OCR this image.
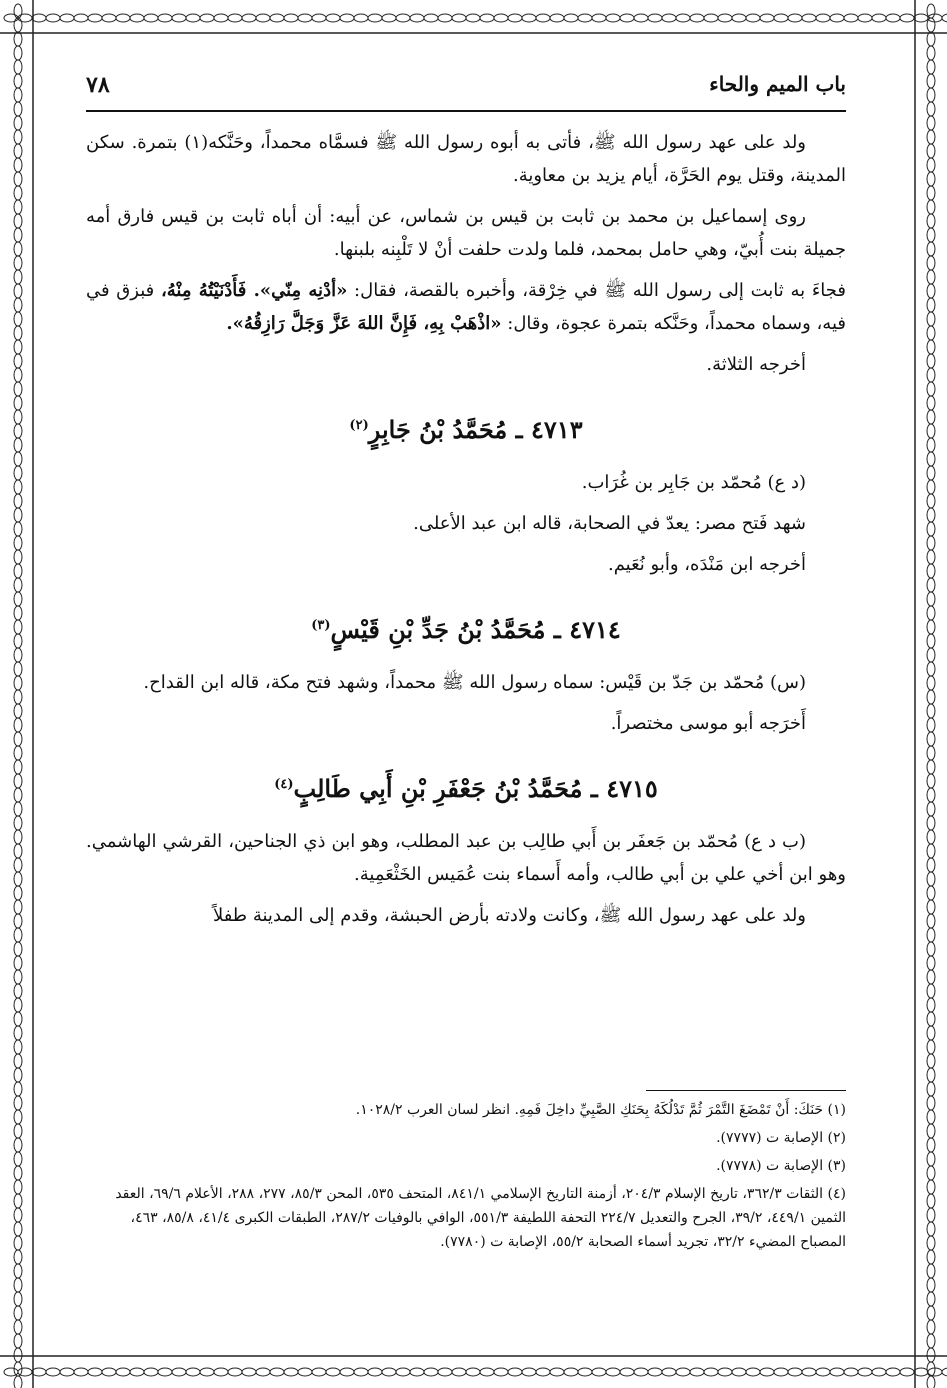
باب الميم والحاء
٧٨

ولد على عهد رسول الله ﷺ، فأتى به أبوه رسول الله ﷺ فسمَّاه محمداً، وحَنَّكه(١) بتمرة. سكن المدينة، وقتل يوم الحَرَّة، أيام يزيد بن معاوية.

روى إسماعيل بن محمد بن ثابت بن قيس بن شماس، عن أبيه: أن أباه ثابت بن قيس فارق أمه جميلة بنت أُبيّ، وهي حامل بمحمد، فلما ولدت حلفت أنْ لا تَلْبِنه بلبنها.

فجاءَ به ثابت إلى رسول الله ﷺ في خِرْقة، وأخبره بالقصة، فقال: «أدْنِه مِنّي». فَأَدْنَيْتُهُ مِنْهُ، فبزق في فيه، وسماه محمداً، وحَنَّكه بتمرة عجوة، وقال: «اذْهَبْ بِهِ، فَإِنَّ اللهَ عَزَّ وَجَلَّ رَازِقُهُ».

أخرجه الثلاثة.

٤٧١٣ ـ مُحَمَّدُ بْنُ جَابِرٍ$^{(٢)}$

(د ع) مُحمّد بن جَابِر بن غُرَاب.

شهد فَتح مصر: يعدّ في الصحابة، قاله ابن عبد الأعلى.

أخرجه ابن مَنْدَه، وأبو نُعَيم.

٤٧١٤ ـ مُحَمَّدُ بْنُ جَدِّ بْنِ قَيْسٍ$^{(٣)}$

(س) مُحمّد بن جَدّ بن قَيْس: سماه رسول الله ﷺ محمداً، وشهد فتح مكة، قاله ابن القداح.

أَخرَجه أبو موسى مختصراً.

٤٧١٥ ـ مُحَمَّدُ بْنُ جَعْفَرِ بْنِ أَبِي طَالِبٍ$^{(٤)}$

(ب د ع) مُحمّد بن جَعفَر بن أَبي طالِب بن عبد المطلب، وهو ابن ذي الجناحين، القرشي الهاشمي. وهو ابن أخي علي بن أبي طالب، وأمه أَسماء بنت عُمَيس الخَثْعَمِية.

ولد على عهد رسول الله ﷺ، وكانت ولادته بأرض الحبشة، وقدم إلى المدينة طفلاً

(١) حَنَكَ: أَنْ تَمْضَغَ التَّمْرَ ثُمَّ تَدْلُكَهُ بِحَنَكِ الصَّبِيِّ داخِلَ فَمِهِ. انظر لسان العرب ١٠٢٨/٢.

(٢) الإصابة ت (٧٧٧٧).

(٣) الإصابة ت (٧٧٧٨).

(٤) الثقات ٣٦٢/٣، تاريخ الإسلام ٢٠٤/٣، أزمنة التاريخ الإسلامي ٨٤١/١، المتحف ٥٣٥، المحن ٨٥/٣، ٢٧٧، ٢٨٨، الأعلام ٦٩/٦، العقد الثمين ٤٤٩/١، ٣٩/٢، الجرح والتعديل ٢٢٤/٧ التحفة اللطيفة ٥٥١/٣، الوافي بالوفيات ٢٨٧/٢، الطبقات الكبرى ٤١/٤، ٨٥/٨، ٤٦٣، المصباح المضيء ٣٢/٢، تجريد أسماء الصحابة ٥٥/٢، الإصابة ت (٧٧٨٠).
